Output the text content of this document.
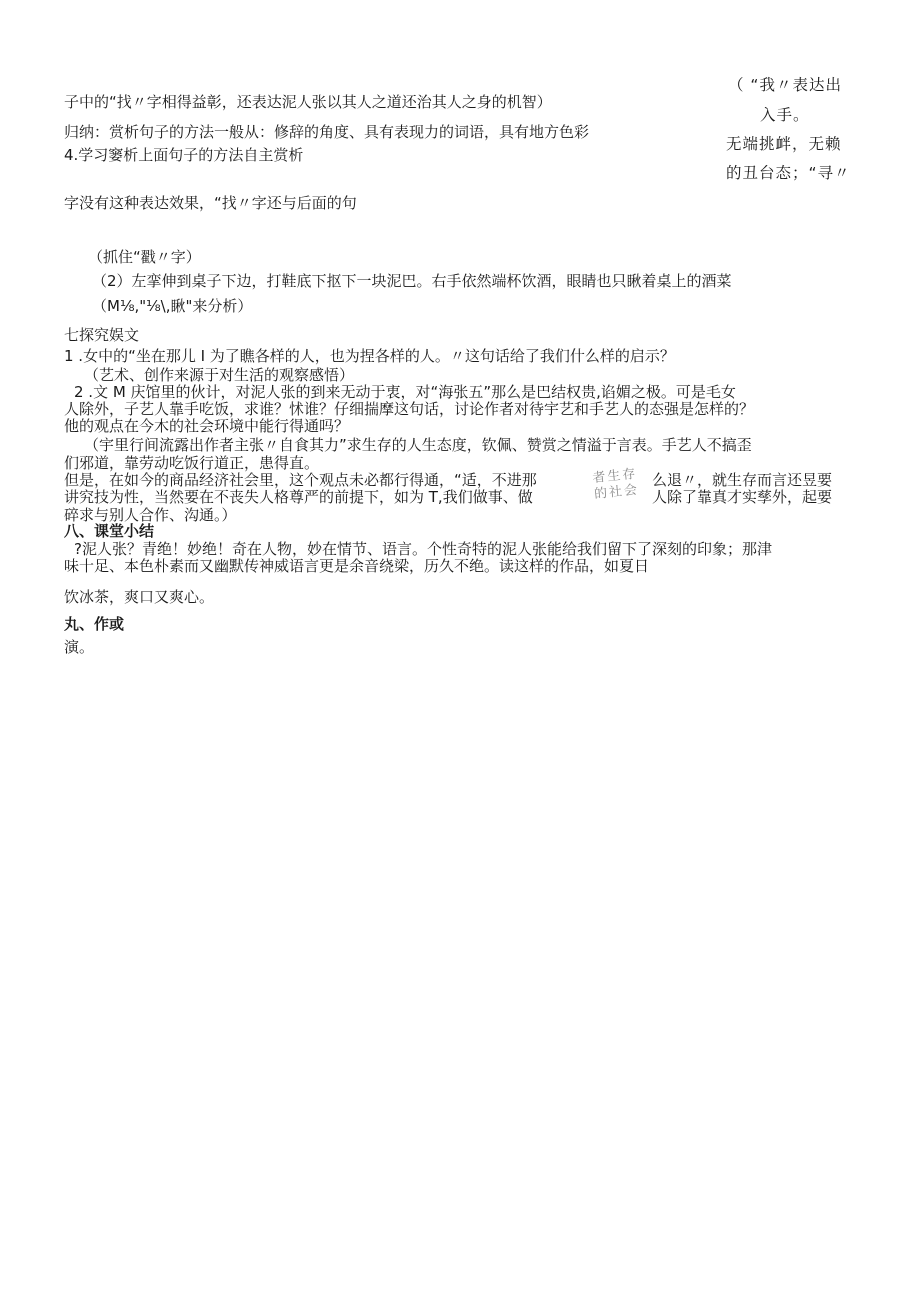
（ “我〃表达出
入手。
无端挑衅，无赖
的丑台态；“寻〃
子中的“找〃字相得益彰，还表达泥人张以其人之道还治其人之身的机智）
归纳：赏析句子的方法一般从：修辞的角度、具有表现力的词语，具有地方色彩
4.学习窭析上面句子的方法自主赏析
字没有这种表达效果，“找〃字还与后面的句
（抓住“戳〃字）
（2）左挛伸到桌子下边，打鞋底下抠下一块泥巴。右手依然端杯饮酒，眼睛也只瞅着桌上的酒菜
（M⅛,"⅛\,瞅"来分析）
七探究娱文
1 .女中的“坐在那儿 I 为了瞧各样的人，也为捏各样的人。〃这句话给了我们什么样的启示？
（艺术、创作来源于对生活的观察感悟）
2 .文 M 庆馆里的伙计，对泥人张的到来无动于衷，对“海张五”那么是巴结权贵,谄媚之极。可是毛女
人除外，子艺人靠手吃饭，求谁？怵谁？仔细揣摩这句话，讨论作者对待宇艺和手艺人的态强是怎样的？
他的观点在今木的社会环境中能行得通吗？
（宇里行间流露出作者主张〃自食其力”求生存的人生态度，钦佩、赞赏之情溢于言表。手艺人不搞歪
们邪道，靠劳动吃饭行道正，患得直。
但是，在如今的商品经济社会里，这个观点未必都行得通，“适，不进那	么退〃，就生存而言还昱要
讲究技为性，当然要在不丧失人格尊严的前提下，如为 T,我们做事、做	人除了靠真才实孳外，起要
碎求与别人合作、沟通。）
者生存
的社会
八、课堂小结
?泥人张？青绝！妙绝！奇在人物，妙在情节、语言。个性奇特的泥人张能给我们留下了深刻的印象；那津
味十足、本色朴素而又幽默传神威语言更是余音绕梁，历久不绝。读这样的作品，如夏日
饮冰茶，爽口又爽心。
丸、作或
演。
